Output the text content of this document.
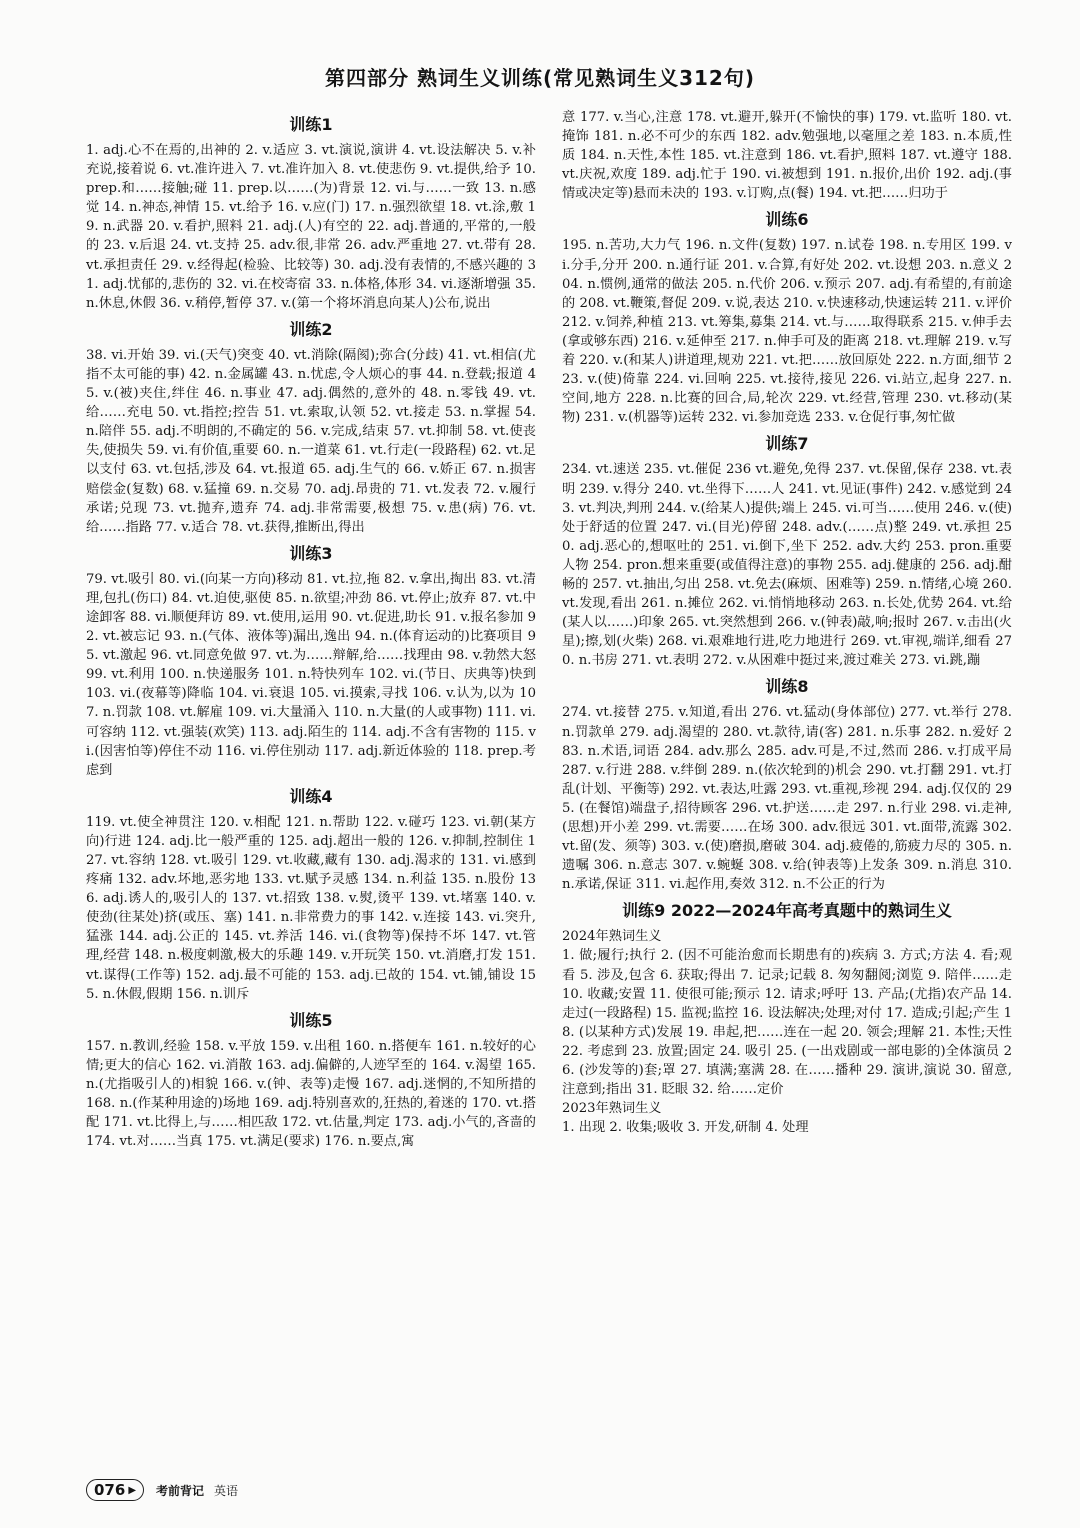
第四部分 熟词生义训练(常见熟词生义312句)
训练1
1. adj.心不在焉的,出神的 2. v.适应 3. vt.演说,演讲 4. vt.设法解决 5. v.补充说,接着说 6. vt.准许进入 7. vt.准许加入 8. vt.使悲伤 9. vt.提供,给予 10. prep.和……接触;碰 11. prep.以……(为)背景 12. vi.与……一致 13. n.感觉 14. n.神态,神情 15. vt.给予 16. v.应(门) 17. n.强烈欲望 18. vt.涂,敷 19. n.武器 20. v.看护,照料 21. adj.(人)有空的 22. adj.普通的,平常的,一般的 23. v.后退 24. vt.支持 25. adv.很,非常 26. adv.严重地 27. vt.带有 28. vt.承担责任 29. v.经得起(检验、比较等) 30. adj.没有表情的,不感兴趣的 31. adj.忧郁的,悲伤的 32. vi.在校寄宿 33. n.体格,体形 34. vi.逐渐增强 35. n.休息,休假 36. v.稍停,暂停 37. v.(第一个将坏消息向某人)公布,说出
训练2
38. vi.开始 39. vi.(天气)突变 40. vt.消除(隔阂);弥合(分歧) 41. vt.相信(尤指不太可能的事) 42. n.金属罐 43. n.忧虑,令人烦心的事 44. n.登载;报道 45. v.(被)夹住,绊住 46. n.事业 47. adj.偶然的,意外的 48. n.零钱 49. vt.给……充电 50. vt.指控;控告 51. vt.索取,认领 52. vt.接走 53. n.掌握 54. n.陪伴 55. adj.不明朗的,不确定的 56. v.完成,结束 57. vt.抑制 58. vt.使丧失,使损失 59. vi.有价值,重要 60. n.一道菜 61. vt.行走(一段路程) 62. vt.足以支付 63. vt.包括,涉及 64. vt.报道 65. adj.生气的 66. v.娇正 67. n.损害赔偿金(复数) 68. v.猛撞 69. n.交易 70. adj.昂贵的 71. vt.发表 72. v.履行承诺;兑现 73. vt.抛弃,遗弃 74. adj.非常需要,极想 75. v.患(病) 76. vt.给……指路 77. v.适合 78. vt.获得,推断出,得出
训练3
79. vt.吸引 80. vi.(向某一方向)移动 81. vt.拉,拖 82. v.拿出,掏出 83. vt.清理,包扎(伤口) 84. vt.迫使,驱使 85. n.欲望;冲劲 86. vt.停止;放弃 87. vt.中途卸客 88. vi.顺便拜访 89. vt.使用,运用 90. vt.促进,助长 91. v.报名参加 92. vt.被忘记 93. n.(气体、液体等)漏出,逸出 94. n.(体育运动的)比赛项目 95. vt.激起 96. vt.同意免做 97. vt.为……辩解,给……找理由 98. v.勃然大怒 99. vt.利用 100. n.快递服务 101. n.特快列车 102. vi.(节日、庆典等)快到 103. vi.(夜幕等)降临 104. vi.衰退 105. vi.摸索,寻找 106. v.认为,以为 107. n.罚款 108. vt.解雇 109. vi.大量涌入 110. n.大量(的人或事物) 111. vi.可容纳 112. vt.强装(欢笑) 113. adj.陌生的 114. adj.不含有害物的 115. vi.(因害怕等)停住不动 116. vi.停住别动 117. adj.新近体验的 118. prep.考虑到
训练4
119. vt.使全神贯注 120. v.相配 121. n.帮助 122. v.碰巧 123. vi.朝(某方向)行进 124. adj.比一般严重的 125. adj.超出一般的 126. v.抑制,控制住 127. vt.容纳 128. vt.吸引 129. vt.收藏,藏有 130. adj.渴求的 131. vi.感到疼痛 132. adv.坏地,恶劣地 133. vt.赋予灵感 134. n.利益 135. n.股份 136. adj.诱人的,吸引人的 137. vt.招致 138. v.熨,烫平 139. vt.堵塞 140. v.使劲(往某处)挤(或压、塞) 141. n.非常费力的事 142. v.连接 143. vi.突升,猛涨 144. adj.公正的 145. vt.养活 146. vi.(食物等)保持不坏 147. vt.管理,经营 148. n.极度刺激,极大的乐趣 149. v.开玩笑 150. vt.消磨,打发 151. vt.谋得(工作等) 152. adj.最不可能的 153. adj.已故的 154. vt.铺,铺设 155. n.休假,假期 156. n.训斥
训练5
157. n.教训,经验 158. v.平放 159. v.出租 160. n.搭便车 161. n.较好的心情;更大的信心 162. vi.消散 163. adj.偏僻的,人迹罕至的 164. v.渴望 165. n.(尤指吸引人的)相貌 166. v.(钟、表等)走慢 167. adj.迷惘的,不知所措的 168. n.(作某种用途的)场地 169. adj.特别喜欢的,狂热的,着迷的 170. vt.搭配 171. vt.比得上,与……相匹敌 172. vt.估量,判定 173. adj.小气的,吝啬的 174. vt.对……当真 175. vt.满足(要求) 176. n.要点,寓
意 177. v.当心,注意 178. vt.避开,躲开(不愉快的事) 179. vt.监听 180. vt.掩饰 181. n.必不可少的东西 182. adv.勉强地,以毫厘之差 183. n.本质,性质 184. n.天性,本性 185. vt.注意到 186. vt.看护,照料 187. vt.遵守 188. vt.庆祝,欢度 189. adj.忙于 190. vi.被想到 191. n.报价,出价 192. adj.(事情或决定等)悬而未决的 193. v.订购,点(餐) 194. vt.把……归功于
训练6
195. n.苦功,大力气 196. n.文件(复数) 197. n.试卷 198. n.专用区 199. vi.分手,分开 200. n.通行证 201. v.合算,有好处 202. vt.设想 203. n.意义 204. n.惯例,通常的做法 205. n.代价 206. v.预示 207. adj.有希望的,有前途的 208. vt.鞭策,督促 209. v.说,表达 210. v.快速移动,快速运转 211. v.评价 212. v.饲养,种植 213. vt.筹集,募集 214. vt.与……取得联系 215. v.伸手去(拿或够东西) 216. v.延伸至 217. n.伸手可及的距离 218. vt.理解 219. v.写着 220. v.(和某人)讲道理,规劝 221. vt.把……放回原处 222. n.方面,细节 223. v.(使)倚靠 224. vi.回响 225. vt.接待,接见 226. vi.站立,起身 227. n.空间,地方 228. n.比赛的回合,局,轮次 229. vt.经营,管理 230. vt.移动(某物) 231. v.(机器等)运转 232. vi.参加竞选 233. v.仓促行事,匆忙做
训练7
234. vt.速送 235. vt.催促 236 vt.避免,免得 237. vt.保留,保存 238. vt.表明 239. v.得分 240. vt.坐得下……人 241. vt.见证(事件) 242. v.感觉到 243. vt.判决,判刑 244. v.(给某人)提供;端上 245. vi.可当……使用 246. v.(使)处于舒适的位置 247. vi.(目光)停留 248. adv.(……点)整 249. vt.承担 250. adj.恶心的,想呕吐的 251. vi.倒下,坐下 252. adv.大约 253. pron.重要人物 254. pron.想来重要(或值得注意)的事物 255. adj.健康的 256. adj.酣畅的 257. vt.抽出,匀出 258. vt.免去(麻烦、困难等) 259. n.情绪,心境 260. vt.发现,看出 261. n.摊位 262. vi.悄悄地移动 263. n.长处,优势 264. vt.给(某人以……)印象 265. vt.突然想到 266. v.(钟表)敲,响;报时 267. v.击出(火星);擦,划(火柴) 268. vi.艰难地行进,吃力地进行 269. vt.审视,端详,细看 270. n.书房 271. vt.表明 272. v.从困难中挺过来,渡过难关 273. vi.跳,蹦
训练8
274. vt.接替 275. v.知道,看出 276. vt.猛动(身体部位) 277. vt.举行 278. n.罚款单 279. adj.渴望的 280. vt.款待,请(客) 281. n.乐事 282. n.爱好 283. n.术语,词语 284. adv.那么 285. adv.可是,不过,然而 286. v.打成平局 287. v.行进 288. v.绊倒 289. n.(依次轮到的)机会 290. vt.打翻 291. vt.打乱(计划、平衡等) 292. vt.表达,吐露 293. vt.重视,珍视 294. adj.仅仅的 295. (在餐馆)端盘子,招待顾客 296. vt.护送……走 297. n.行业 298. vi.走神,(思想)开小差 299. vt.需要……在场 300. adv.很远 301. vt.面带,流露 302. vt.留(发、须等) 303. v.(使)磨损,磨破 304. adj.疲倦的,筋疲力尽的 305. n.遗嘱 306. n.意志 307. v.蜿蜒 308. v.给(钟表等)上发条 309. n.消息 310. n.承诺,保证 311. vi.起作用,奏效 312. n.不公正的行为
训练9 2022—2024年高考真题中的熟词生义
2024年熟词生义
1. 做;履行;执行 2. (因不可能治愈而长期患有的)疾病 3. 方式;方法 4. 看;观看 5. 涉及,包含 6. 获取;得出 7. 记录;记载 8. 匆匆翻阅;浏览 9. 陪伴……走 10. 收藏;安置 11. 使很可能;预示 12. 请求;呼吁 13. 产品;(尤指)农产品 14. 走过(一段路程) 15. 监视;监控 16. 设法解决;处理;对付 17. 造成;引起;产生 18. (以某种方式)发展 19. 串起,把……连在一起 20. 领会;理解 21. 本性;天性 22. 考虑到 23. 放置;固定 24. 吸引 25. (一出戏剧或一部电影的)全体演员 26. (沙发等的)套;罩 27. 填满;塞满 28. 在……播种 29. 演讲,演说 30. 留意,注意到;指出 31. 眨眼 32. 给……定价
2023年熟词生义
1. 出现 2. 收集;吸收 3. 开发,研制 4. 处理
076 ▶ 考前背记 英语
